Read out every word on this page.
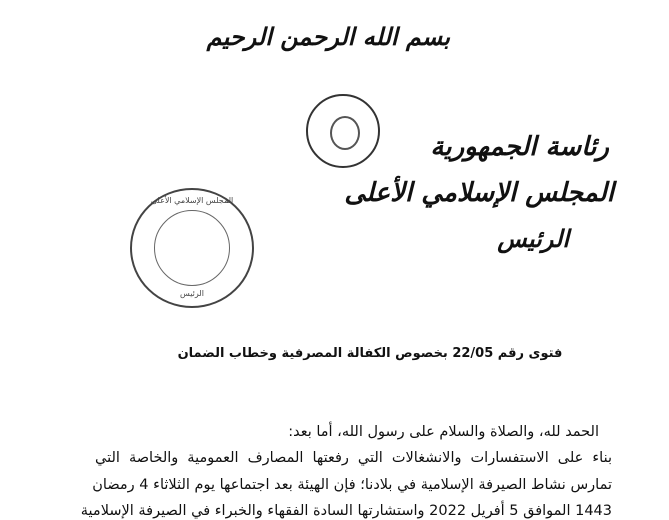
بسم الله الرحمن الرحيم
رئاسة الجمهورية
المجلس الإسلامي الأعلى
الرئيس
المجلس الإسلامي الأعلى
الرئيس
فتوى رقم 22/05 بخصوص الكفالة المصرفية وخطاب الضمان
الحمد لله، والصلاة والسلام على رسول الله، أما بعد:
بناء على الاستفسارات والانشغالات التي رفعتها المصارف العمومية والخاصة التي
تمارس نشاط الصيرفة الإسلامية في بلادنا؛ فإن الهيئة بعد اجتماعها يوم الثلاثاء 4 رمضان
1443 الموافق 5 أفريل 2022 واستشارتها السادة الفقهاء والخبراء في الصيرفة الإسلامية
